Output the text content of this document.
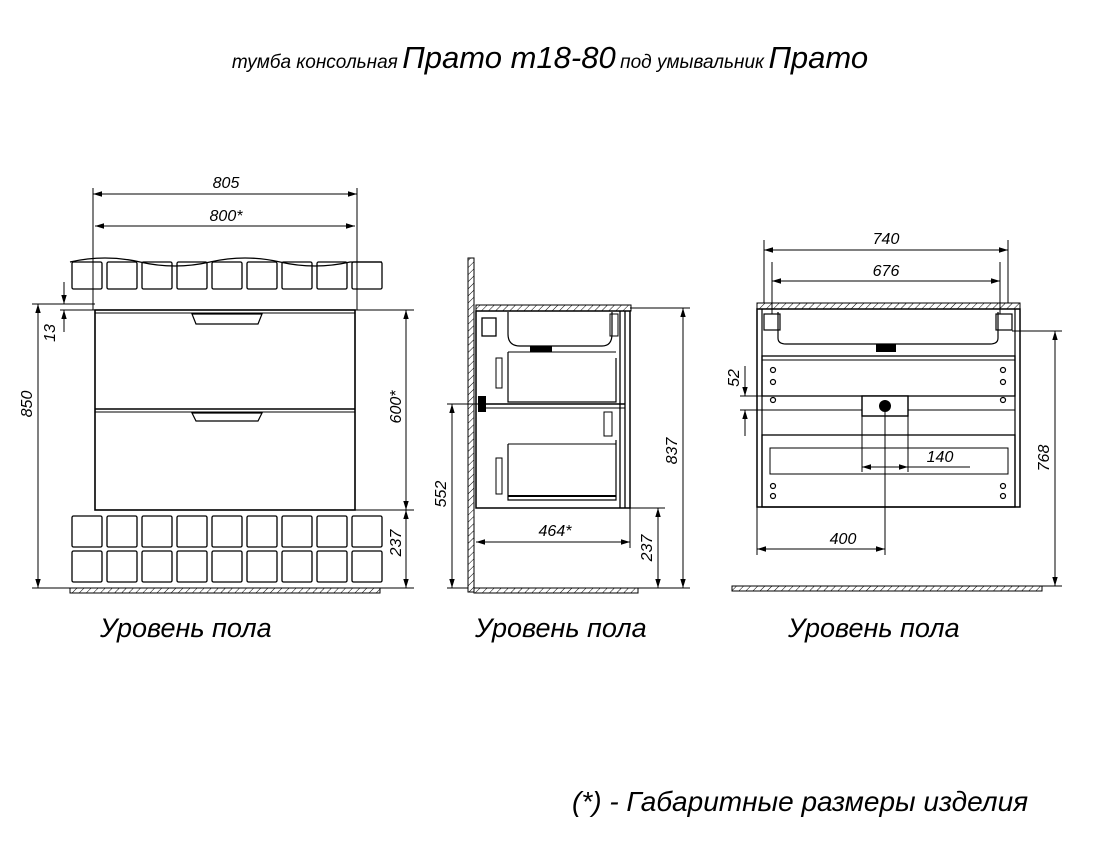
тумба консольная Прато т18-80 под умывальник Прато
805
800*
850
13
600*
237
Уровень пола
552
837
237
464*
Уровень пола
740
676
52
140
400
768
Уровень пола
(*) - Габаритные размеры изделия
